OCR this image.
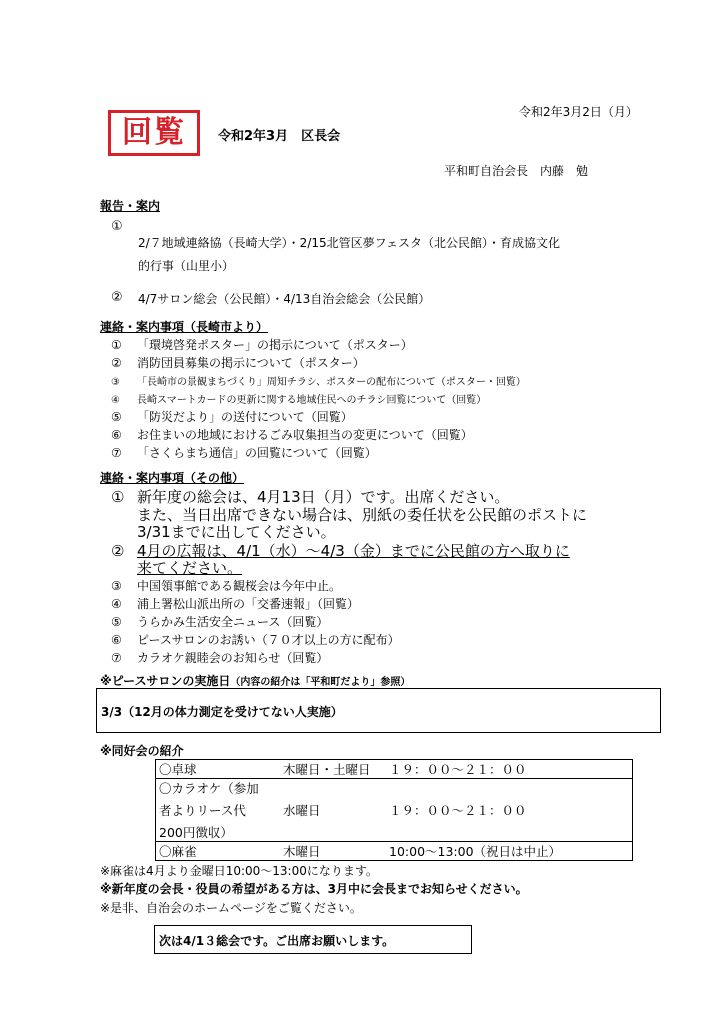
令和2年3月2日（月）
回覧	令和2年3月　区長会
平和町自治会長　内藤　勉
報告・案内
①
2/７地域連絡協（長崎大学）・2/15北管区夢フェスタ（北公民館）・育成協文化
的行事（山里小）
② 4/7サロン総会（公民館）・4/13自治会総会（公民館）
連絡・案内事項（長崎市より）
① 「環境啓発ポスター」の掲示について（ポスター）
② 消防団員募集の掲示について（ポスター）
③ 「長崎市の景観まちづくり」周知チラシ、ポスターの配布について（ポスター・回覧）
④ 長崎スマートカードの更新に関する地域住民へのチラシ回覧について（回覧）
⑤ 「防災だより」の送付について（回覧）
⑥ お住まいの地域におけるごみ収集担当の変更について（回覧）
⑦ 「さくらまち通信」の回覧について（回覧）
連絡・案内事項（その他）
① 新年度の総会は、4月13日（月）です。出席ください。
また、当日出席できない場合は、別紙の委任状を公民館のポストに
3/31までに出してください。
② 4月の広報は、4/1（水）〜4/3（金）までに公民館の方へ取りに
来てください。
③ 中国領事館である観桜会は今年中止。
④ 浦上署松山派出所の「交番速報」（回覧）
⑤ うらかみ生活安全ニュース（回覧）
⑥ ピースサロンのお誘い（７０才以上の方に配布）
⑦ カラオケ親睦会のお知らせ（回覧）
※ピースサロンの実施日（内容の紹介は「平和町だより」参照）
3/3（12月の体力測定を受けてない人実施）
※同好会の紹介
〇卓球	木曜日・土曜日	１９：００〜２１：００
〇カラオケ（参加		
者よりリース代	水曜日	１９：００〜２１：００
200円徴収）		
〇麻雀	木曜日	10:00〜13:00（祝日は中止）
※麻雀は4月より金曜日10:00〜13:00になります。
※新年度の会長・役員の希望がある方は、3月中に会長までお知らせください。
※是非、自治会のホームページをご覧ください。
次は4/1３総会です。ご出席お願いします。
